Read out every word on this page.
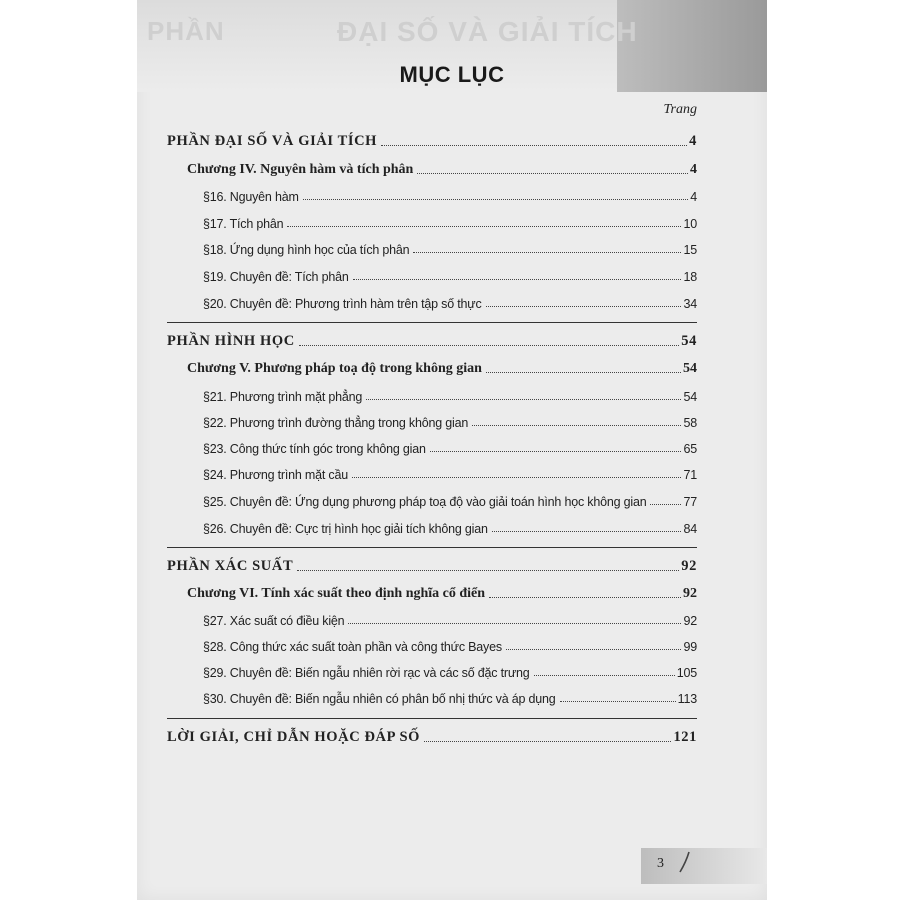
PHẦN	ĐẠI SỐ VÀ GIẢI TÍCH
MỤC LỤC
Trang
PHẦN ĐẠI SỐ VÀ GIẢI TÍCH	4
Chương IV. Nguyên hàm và tích phân	4
§16. Nguyên hàm	4
§17. Tích phân	10
§18. Ứng dụng hình học của tích phân	15
§19. Chuyên đề: Tích phân	18
§20. Chuyên đề: Phương trình hàm trên tập số thực	34
PHẦN HÌNH HỌC	54
Chương V. Phương pháp toạ độ trong không gian	54
§21. Phương trình mặt phẳng	54
§22. Phương trình đường thẳng trong không gian	58
§23. Công thức tính góc trong không gian	65
§24. Phương trình mặt cầu	71
§25. Chuyên đề: Ứng dụng phương pháp toạ độ vào giải toán hình học không gian	77
§26. Chuyên đề: Cực trị hình học giải tích không gian	84
PHẦN XÁC SUẤT	92
Chương VI. Tính xác suất theo định nghĩa cổ điển	92
§27. Xác suất có điều kiện	92
§28. Công thức xác suất toàn phần và công thức Bayes	99
§29. Chuyên đề: Biến ngẫu nhiên rời rạc và các số đặc trưng	105
§30. Chuyên đề: Biến ngẫu nhiên có phân bố nhị thức và áp dụng	113
LỜI GIẢI, CHỈ DẪN HOẶC ĐÁP SỐ	121
3
